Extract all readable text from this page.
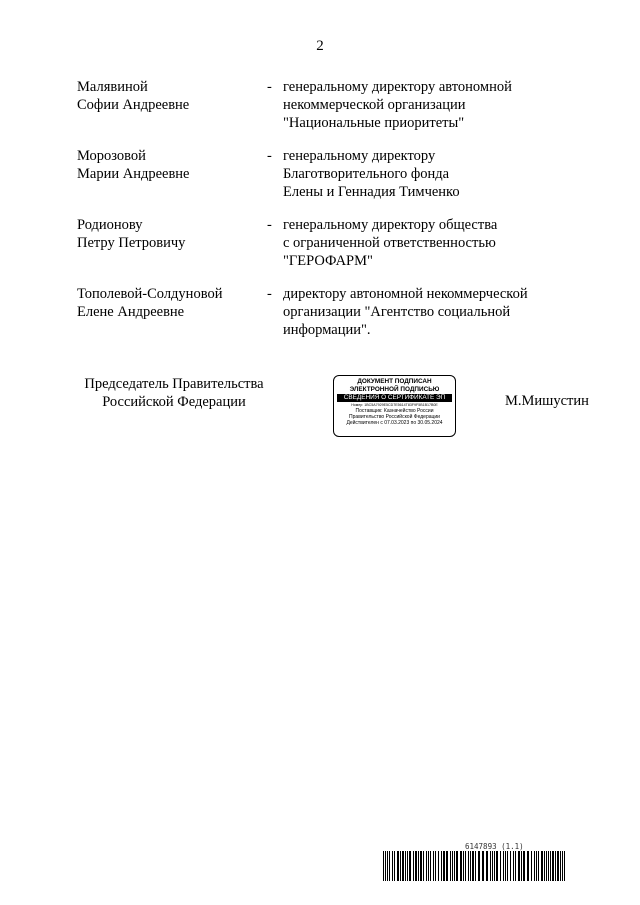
2
Малявиной
Софии Андреевне
- генеральному директору автономной
некоммерческой организации
"Национальные приоритеты"
Морозовой
Марии Андреевне
- генеральному директору
Благотворительного фонда
Елены и Геннадия Тимченко
Родионову
Петру Петровичу
- генеральному директору общества
с ограниченной ответственностью
"ГЕРОФАРМ"
Тополевой-Солдуновой
Елене Андреевне
- директору автономной некоммерческой
организации "Агентство социальной
информации".
Председатель Правительства
Российской Федерации
ДОКУМЕНТ ПОДПИСАН
ЭЛЕКТРОННОЙ ПОДПИСЬЮ
СВЕДЕНИЯ О СЕРТИФИКАТЕ ЭП
Номер: 1BC5A7929E5CD7E5614T83F9F5B1B17B0E
Поставщик: Казначейство России
Правительство Российской Федерации
Действителен с 07.03.2023 по 30.05.2024
М.Мишустин
6147893 (1.1)
